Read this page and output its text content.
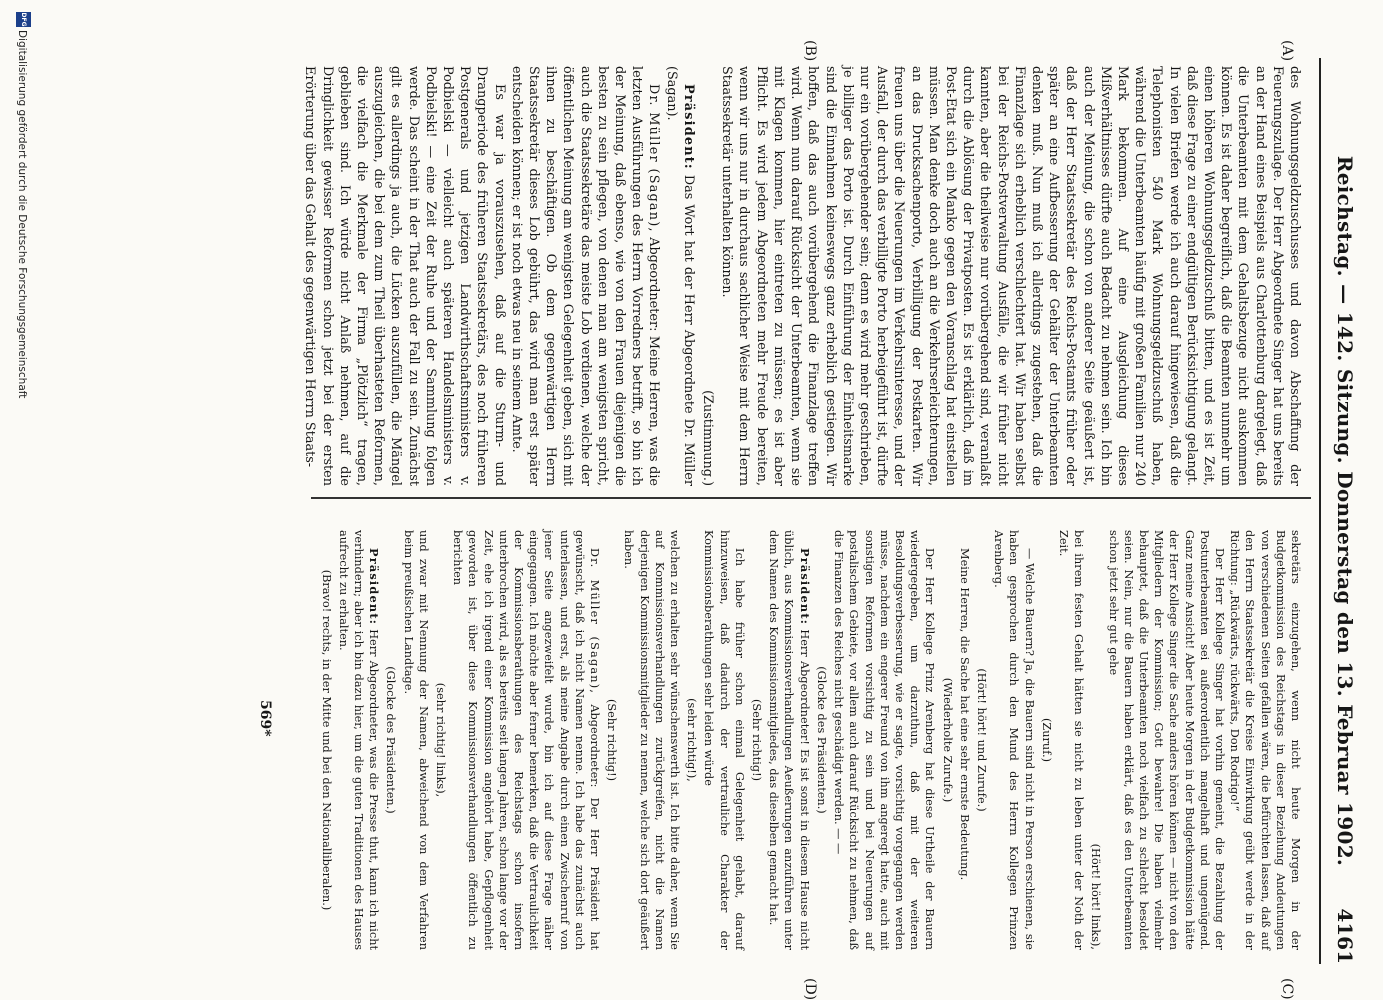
Reichstag. — 142. Sitzung. Donnerstag den 13. Februar 1902.
4161
(A)
(B)
(C)
(D)

des Wohnungsgeldzuschusses und davon Abschaffung der Feuerungszulage. Der Herr Abgeordnete Singer hat uns bereits an der Hand eines Beispiels aus Charlottenburg dargelegt, daß die Unterbeamten mit dem Gehaltsbezuge nicht auskommen können. Es ist daher begreiflich, daß die Beamten nunmehr um einen höheren Wohnungsgeldzuschuß bitten, und es ist Zeit, daß diese Frage zu einer endgültigen Berücksichtigung gelangt. In vielen Briefen werde ich auch darauf hingewiesen, daß die Telephonisten 540 Mark Wohnungsgeldzuschuß haben, während die Unterbeamten häufig mit großen Familien nur 240 Mark bekommen. Auf eine Ausgleichung dieses Mißverhältnisses dürfte auch Bedacht zu nehmen sein. Ich bin auch der Meinung, die schon von anderer Seite geäußert ist, daß der Herr Staatssekretär des Reichs-Postamts früher oder später an eine Aufbesserung der Gehälter der Unterbeamten denken muß. Nun muß ich allerdings zugestehen, daß die Finanzlage sich erheblich verschlechtert hat. Wir haben selbst bei der Reichs-Postverwaltung Ausfälle, die wir früher nicht kannten, aber die theilweise nur vorübergehend sind, veranlaßt durch die Ablösung der Privatposten. Es ist erklärlich, daß im Post-Etat sich ein Manko gegen den Voranschlag hat einstellen müssen. Man denke doch auch an die Verkehrserleichterungen, an das Drucksachenporto, Verbilligung der Postkarten. Wir freuen uns über die Neuerungen im Verkehrsinteresse, und der Ausfall, der durch das verbilligte Porto herbeigeführt ist, dürfte nur ein vorübergehender sein; denn es wird mehr geschrieben, je billiger das Porto ist. Durch Einführung der Einheitsmarke sind die Einnahmen keineswegs ganz erheblich gestiegen. Wir hoffen, daß das auch vorübergehend die Finanzlage treffen wird. Wenn nun darauf Rücksicht der Unterbeamten, wenn sie mit Klagen kommen, hier eintreten zu müssen; es ist aber Pflicht. Es wird jedem Abgeordneten mehr Freude bereiten, wenn wir uns nur in durchaus sachlicher Weise mit dem Herrn Staatssekretär unterhalten können.

(Zustimmung.)

Präsident: Das Wort hat der Herr Abgeordnete Dr. Müller (Sagan).

Dr. Müller (Sagan), Abgeordneter: Meine Herren, was die letzten Ausführungen des Herrn Vorredners betrifft, so bin ich der Meinung, daß ebenso, wie von den Frauen diejenigen die besten zu sein pflegen, von denen man am wenigsten spricht, auch die Staatssekretäre das meiste Lob verdienen, welche der öffentlichen Meinung am wenigsten Gelegenheit geben, sich mit ihnen zu beschäftigen. Ob dem gegenwärtigen Herrn Staatssekretär dieses Lob gebührt, das wird man erst später entscheiden können; er ist noch etwas neu in seinem Amte.

Es war ja vorauszusehen, daß auf die Sturm- und Drangperiode des früheren Staatssekretärs, des noch früheren Postgenerals und jetzigen Landwirthschaftsministers v. Podbielski — vielleicht auch späteren Handelsministers v. Podbielski! — eine Zeit der Ruhe und der Sammlung folgen werde. Das scheint in der That auch der Fall zu sein. Zunächst gilt es allerdings ja auch, die Lücken auszufüllen, die Mängel auszugleichen, die bei dem zum Theil überhasteten Reformen, die vielfach die Merkmale der Firma „Plötzlich“ tragen, geblieben sind. Ich würde nicht Anlaß nehmen, auf die Dringlichkeit gewisser Reformen schon jetzt bei der ersten Erörterung über das Gehalt des gegenwärtigen Herrn Staats-

sekretärs einzugehen, wenn nicht heute Morgen in der Budgetkommission des Reichstags in dieser Beziehung Andeutungen von verschiedenen Seiten gefallen wären, die befürchten lassen, daß auf den Herrn Staatssekretär die Kreise Einwirkung geübt werde in der Richtung: „Rückwärts, rückwärts, Don Rodrigo!“

Der Herr Kollege Singer hat vorhin gemeint, die Bezahlung der Postunterbeamten sei außerordentlich mangelhaft und ungenügend. Ganz meine Ansicht! Aber heute Morgen in der Budgetkommission hätte der Herr Kollege Singer die Sache anders hören können — nicht von den Mitgliedern der Kommission; Gott bewahre! Die haben vielmehr behauptet, daß die Unterbeamten noch vielfach zu schlecht besoldet seien. Nein, nur die Bauern haben erklärt, daß es den Unterbeamten schon jetzt sehr gut gehe

(Hört! hört! links),

bei ihrem festen Gehalt hätten sie nicht zu leben unter der Noth der Zeit.

(Zuruf.)

— Welche Bauern? Ja, die Bauern sind nicht in Person erschienen, sie haben gesprochen durch den Mund des Herrn Kollegen Prinzen Arenberg.

(Hört! hört! und Zurufe.)

Meine Herren, die Sache hat eine sehr ernste Bedeutung.

(Wiederholte Zurufe.)

Der Herr Kollege Prinz Arenberg hat diese Urtheile der Bauern wiedergegeben, um darzuthun, daß mit der weiteren Besoldungsverbesserung, wie er sagte, vorsichtig vorgegangen werden müsse, nachdem ein engerer Freund von ihm angeregt hatte, auch mit sonstigen Reformen vorsichtig zu sein und bei Neuerungen auf postalischem Gebiete, vor allem auch darauf Rücksicht zu nehmen, daß die Finanzen des Reiches nicht geschädigt werden. — —

(Glocke des Präsidenten.)

Präsident: Herr Abgeordneter! Es ist sonst in diesem Hause nicht üblich, aus Kommissionsverhandlungen Aeußerungen anzuführen unter dem Namen des Kommissionsmitgliedes, das dieselben gemacht hat.

(Sehr richtig!)

Ich habe früher schon einmal Gelegenheit gehabt, darauf hinzuweisen, daß dadurch der vertrauliche Charakter der Kommissionsberathungen sehr leiden würde

(sehr richtig!),

welchen zu erhalten sehr wünschenswerth ist. Ich bitte daher, wenn Sie auf Kommissionsverhandlungen zurückgreifen, nicht die Namen derjenigen Kommissionsmitglieder zu nennen, welche sich dort geäußert haben.

(Sehr richtig!)

Dr. Müller (Sagan), Abgeordneter: Der Herr Präsident hat gewünscht, daß ich nicht Namen nenne. Ich habe das zunächst auch unterlassen, und erst, als meine Angabe durch einen Zwischenruf von jener Seite angezweifelt wurde, bin ich auf diese Frage näher eingegangen. Ich möchte aber ferner bemerken, daß die Vertraulichkeit der Kommissionsberathungen des Reichstags schon insofern unterbrochen wird, als es bereits seit langen Jahren, schon lange vor der Zeit, ehe ich irgend einer Kommission angehört habe, Gepflogenheit geworden ist, über diese Kommissionsverhandlungen öffentlich zu berichten

(sehr richtig! links),

und zwar mit Nennung der Namen, abweichend von dem Verfahren beim preußischen Landtage.

(Glocke des Präsidenten.)

Präsident: Herr Abgeordneter, was die Presse thut, kann ich nicht verhindern; aber ich bin dazu hier, um die guten Traditionen des Hauses aufrecht zu erhalten.

(Bravo! rechts, in der Mitte und bei den Nationalliberalen.)

569*
DFG
Digitalisierung gefördert durch die Deutsche Forschungsgemeinschaft
